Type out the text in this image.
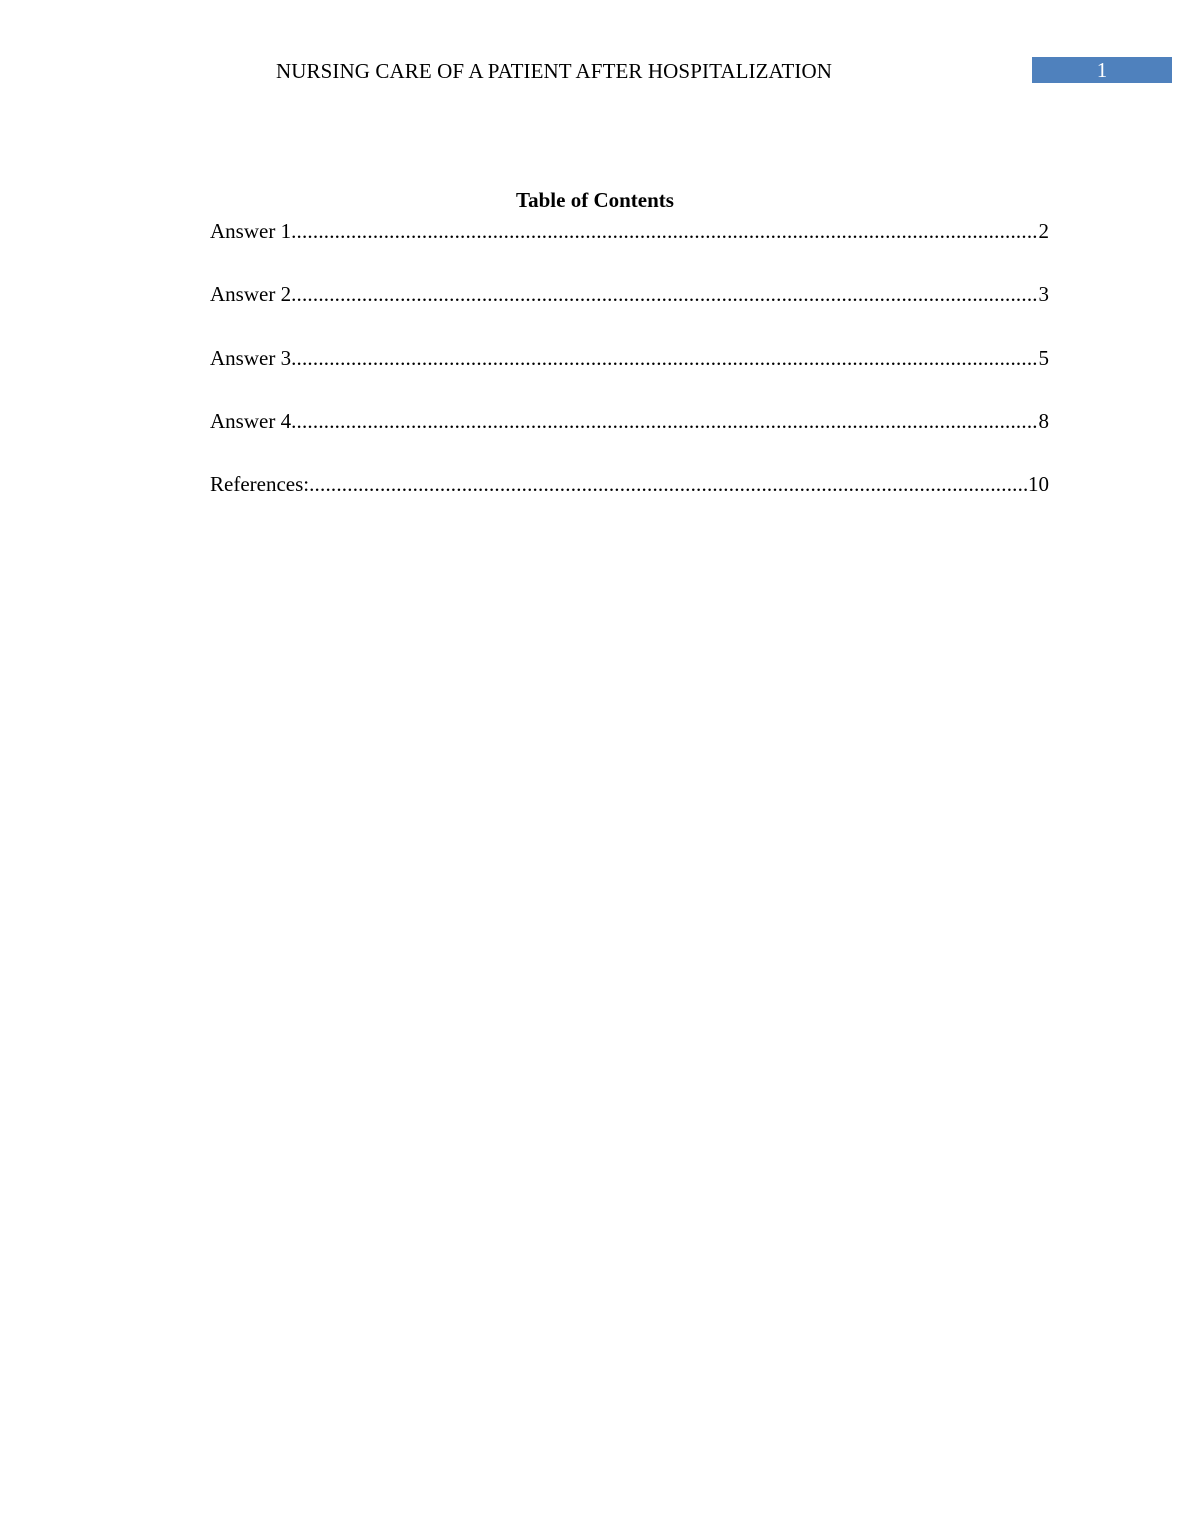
NURSING CARE OF A PATIENT AFTER HOSPITALIZATION	1
Table of Contents
Answer 1 .....	2
Answer 2 .....	3
Answer 3 .....	5
Answer 4 .....	8
References: .....	10
